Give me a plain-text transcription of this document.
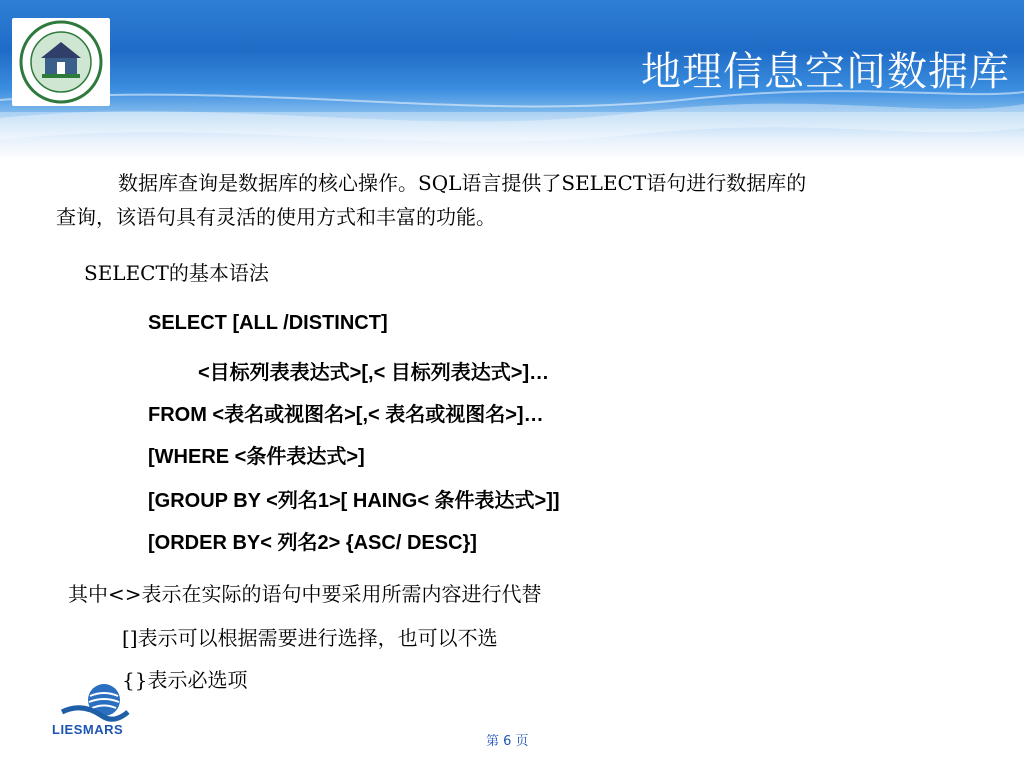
地理信息空间数据库
数据库查询是数据库的核心操作。SQL语言提供了SELECT语句进行数据库的
查询，该语句具有灵活的使用方式和丰富的功能。
SELECT的基本语法
SELECT [ALL /DISTINCT]
<目标列表表达式>[,< 目标列表达式>]…
FROM <表名或视图名>[,< 表名或视图名>]…
[WHERE <条件表达式>]
[GROUP BY <列名1>[ HAING< 条件表达式>]]
[ORDER BY< 列名2> {ASC/ DESC}]
其中<>表示在实际的语句中要采用所需内容进行代替
[]表示可以根据需要进行选择，也可以不选
{}表示必选项
LIESMARS
第 6 页
